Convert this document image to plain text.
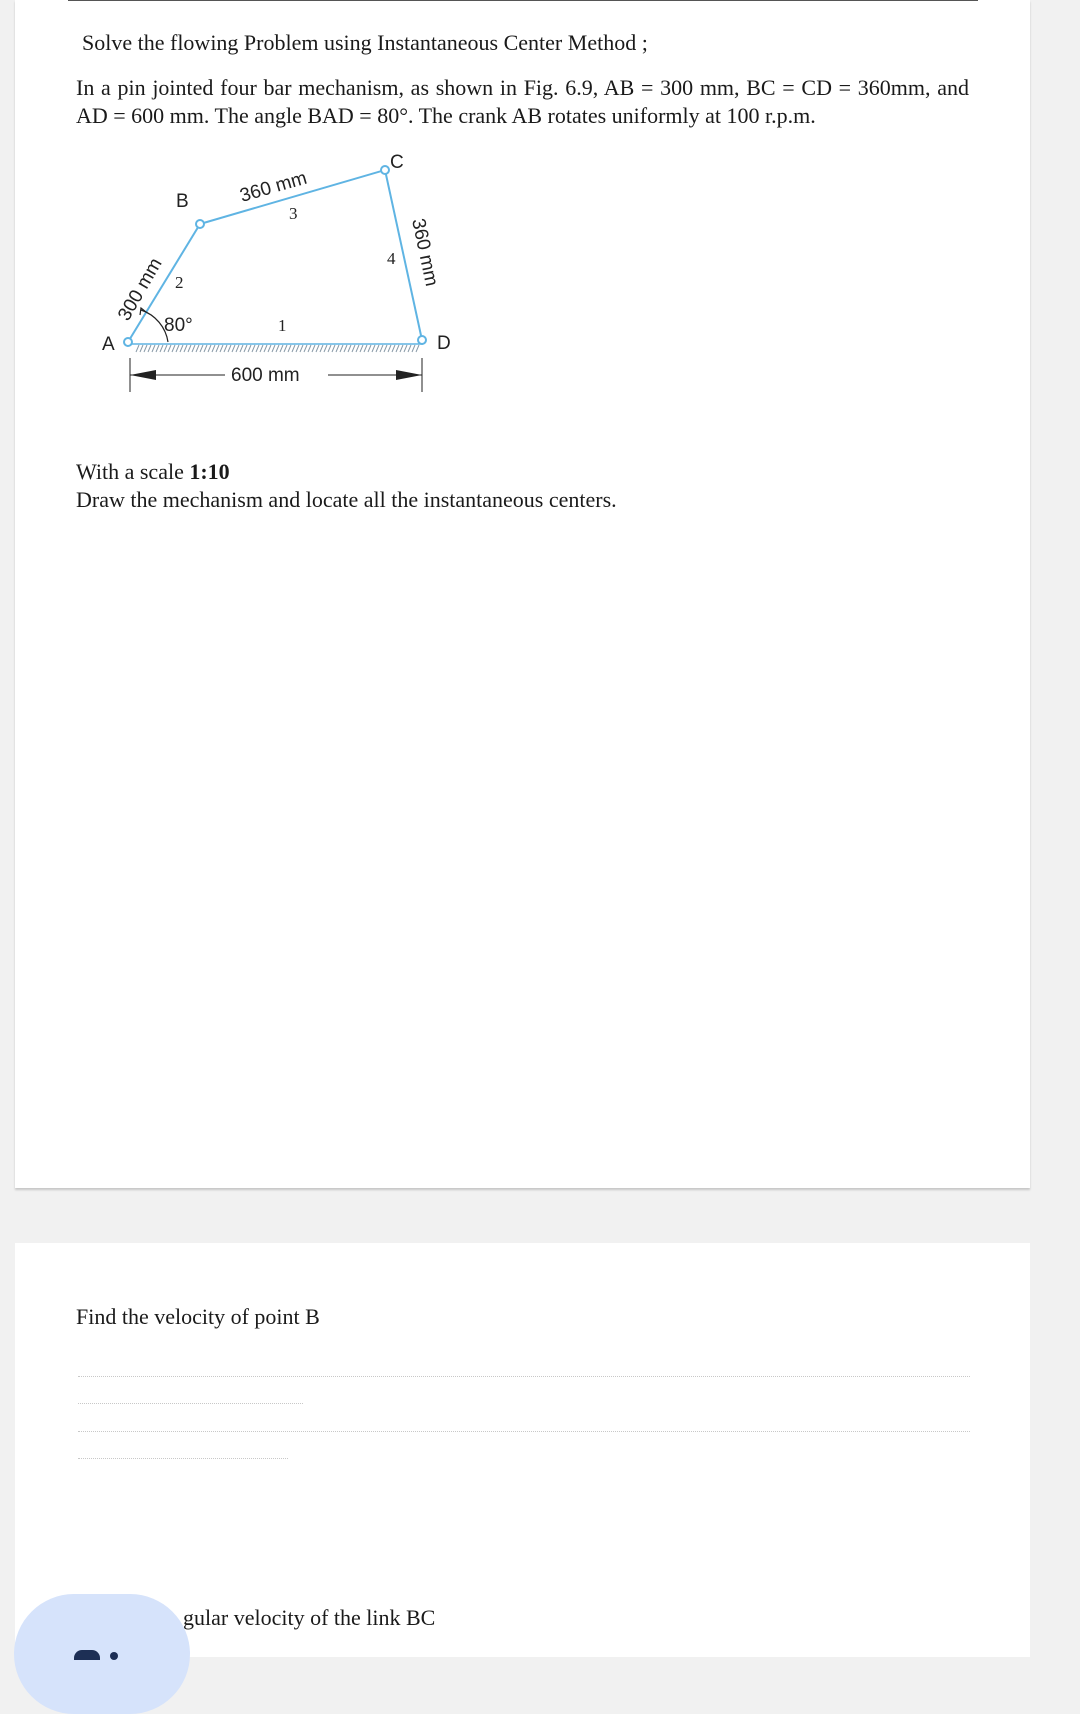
Solve the flowing Problem using Instantaneous Center Method ;
In a pin jointed four bar mechanism, as shown in Fig. 6.9, AB = 300 mm, BC = CD = 360mm, and AD = 600 mm. The angle BAD = 80°. The crank AB rotates uniformly at 100 r.p.m.
A
B
C
D
1
2
3
4
300 mm
360 mm
360 mm
80°
600 mm
With a scale 1:10
Draw the mechanism and locate all the instantaneous centers.
Find the velocity of point B
gular velocity of the link BC
